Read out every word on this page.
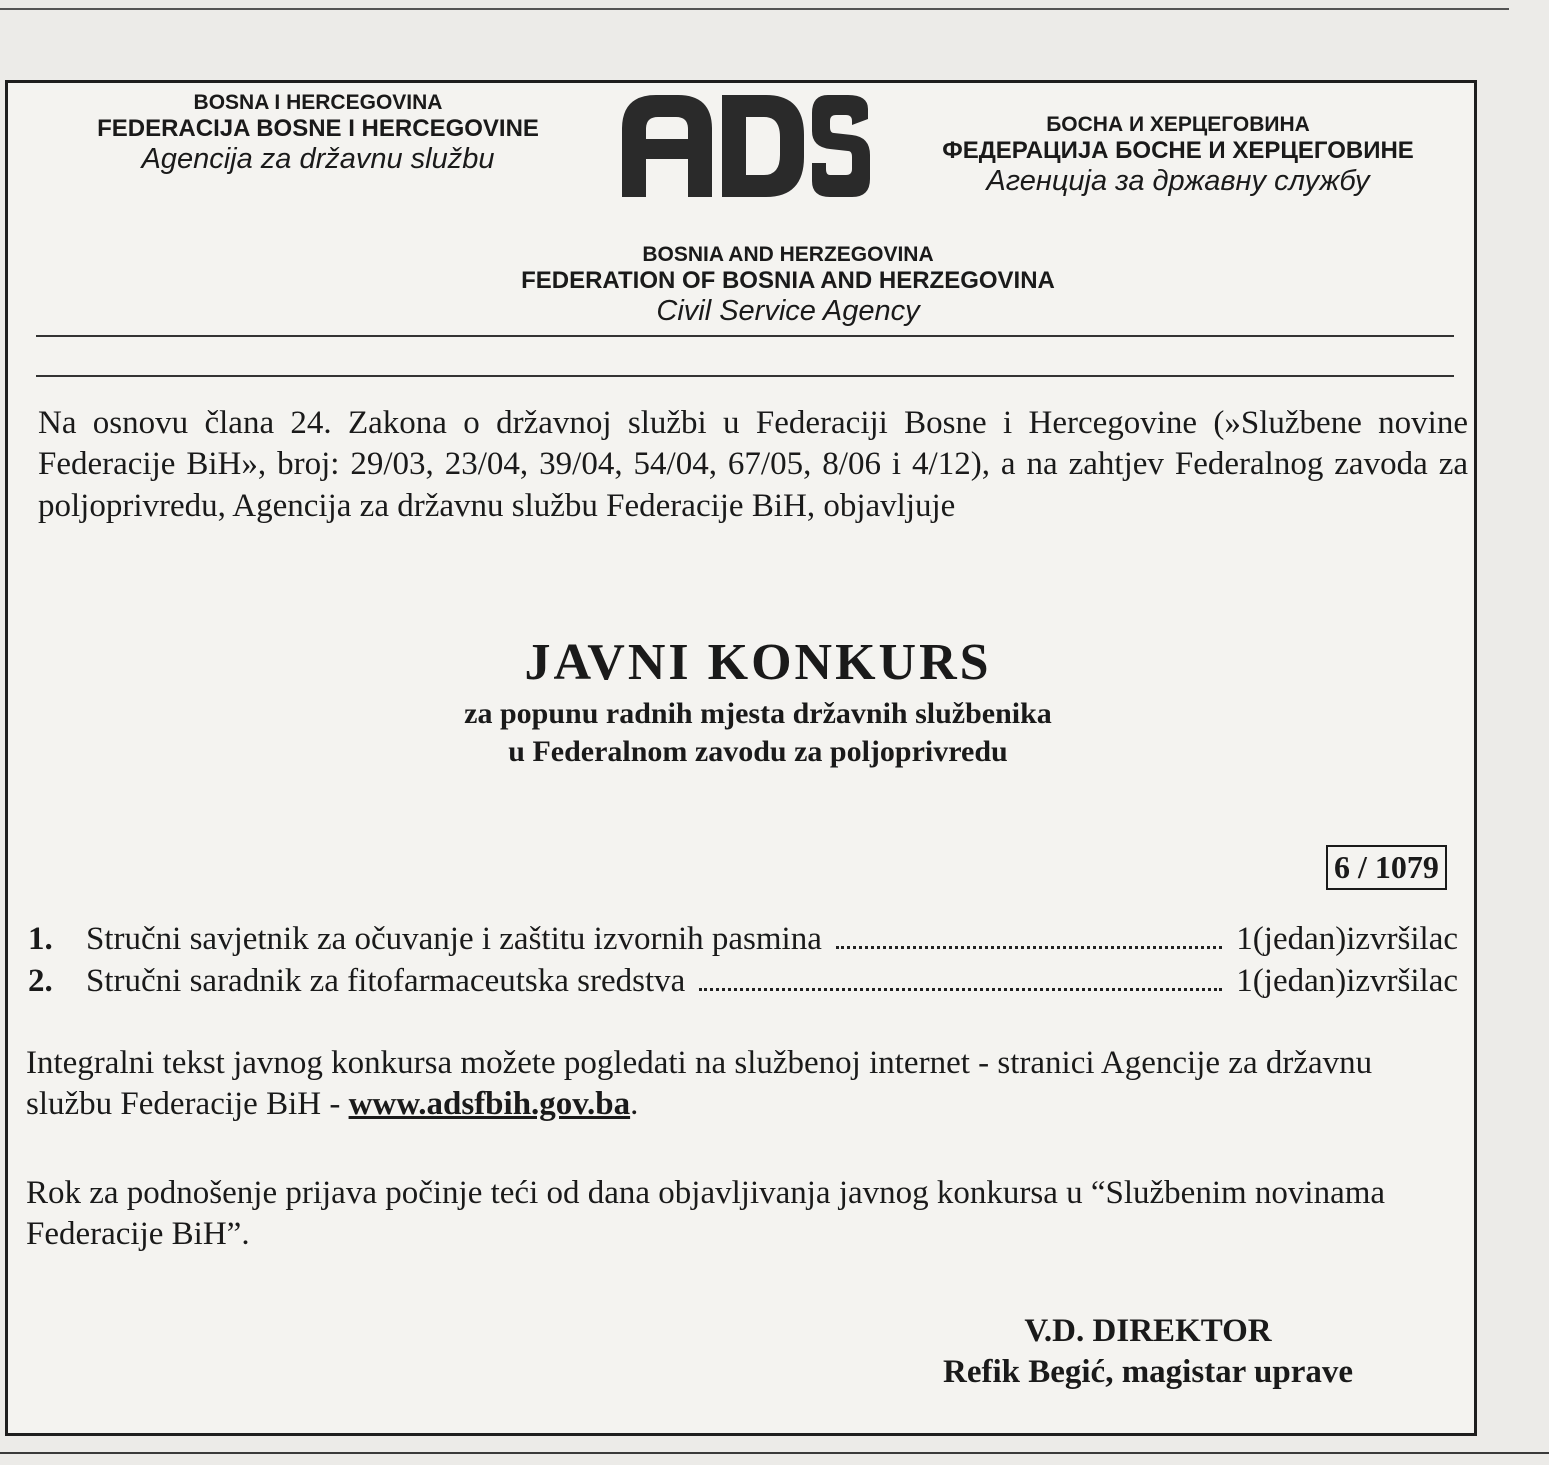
BOSNA I HERCEGOVINA
FEDERACIJA BOSNE I HERCEGOVINE
Agencija za državnu službu
БОСНА И ХЕРЦЕГОВИНА
ФЕДЕРАЦИЈА БОСНЕ И ХЕРЦЕГОВИНЕ
Агенција за државну службу
BOSNIA AND HERZEGOVINA
FEDERATION OF BOSNIA AND HERZEGOVINA
Civil Service Agency
Na osnovu člana 24. Zakona o državnoj službi u Federaciji Bosne i Hercegovine (»Službene novine Federacije BiH», broj: 29/03, 23/04, 39/04, 54/04, 67/05, 8/06 i 4/12), a na zahtjev Federalnog zavoda za poljoprivredu, Agencija za državnu službu Federacije BiH, objavljuje
JAVNI KONKURS
za popunu radnih mjesta državnih službenika
u Federalnom zavodu za poljoprivredu
6 / 1079
1.	Stručni savjetnik za očuvanje i zaštitu izvornih pasmina	1(jedan)izvršilac
2.	Stručni saradnik za fitofarmaceutska sredstva	1(jedan)izvršilac
Integralni tekst javnog konkursa možete pogledati na službenoj internet - stranici Agencije za državnu službu Federacije BiH - www.adsfbih.gov.ba.
Rok za podnošenje prijava počinje teći od dana objavljivanja javnog konkursa u “Službenim novinama Federacije BiH”.
V.D. DIREKTOR
Refik Begić, magistar uprave
